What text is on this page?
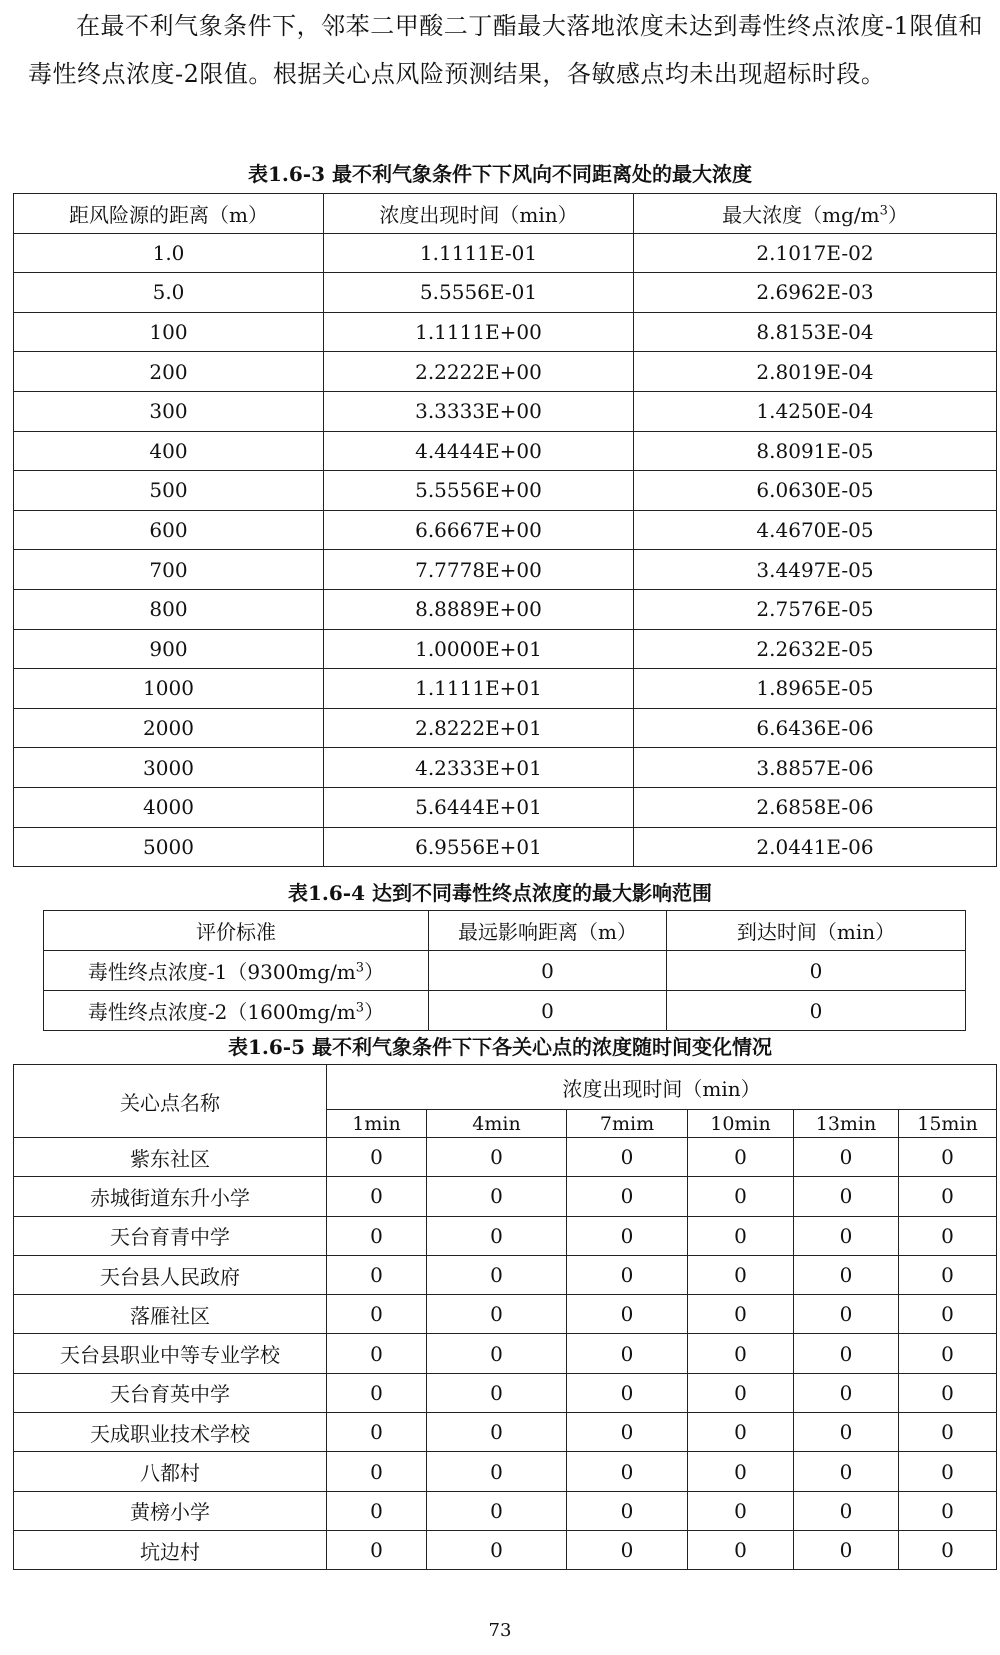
在最不利气象条件下，邻苯二甲酸二丁酯最大落地浓度未达到毒性终点浓度-1限值和毒性终点浓度-2限值。根据关心点风险预测结果，各敏感点均未出现超标时段。
表1.6-3 最不利气象条件下下风向不同距离处的最大浓度
距风险源的距离（m）	浓度出现时间（min）	最大浓度$(mg/m^3)$
1.0	1.1111E-01	2.1017E-02
5.0	5.5556E-01	2.6962E-03
100	1.1111E+00	8.8153E-04
200	2.2222E+00	2.8019E-04
300	3.3333E+00	1.4250E-04
400	4.4444E+00	8.8091E-05
500	5.5556E+00	6.0630E-05
600	6.6667E+00	4.4670E-05
700	7.7778E+00	3.4497E-05
800	8.8889E+00	2.7576E-05
900	1.0000E+01	2.2632E-05
1000	1.1111E+01	1.8965E-05
2000	2.8222E+01	6.6436E-06
3000	4.2333E+01	3.8857E-06
4000	5.6444E+01	2.6858E-06
5000	6.9556E+01	2.0441E-06
表1.6-4 达到不同毒性终点浓度的最大影响范围
评价标准	最远影响距离（m）	到达时间（min）
毒性终点浓度$-1(9300mg/m^3)$	0	0
毒性终点浓度$-2(1600mg/m^3)$	0	0
表1.6-5 最不利气象条件下下各关心点的浓度随时间变化情况
关心点名称	浓度出现时间（min）					
	1min	4min	7mim	10min	13min	15min
紫东社区	0	0	0	0	0	0
赤城街道东升小学	0	0	0	0	0	0
天台育青中学	0	0	0	0	0	0
天台县人民政府	0	0	0	0	0	0
落雁社区	0	0	0	0	0	0
天台县职业中等专业学校	0	0	0	0	0	0
天台育英中学	0	0	0	0	0	0
天成职业技术学校	0	0	0	0	0	0
八都村	0	0	0	0	0	0
黄榜小学	0	0	0	0	0	0
坑边村	0	0	0	0	0	0
73
